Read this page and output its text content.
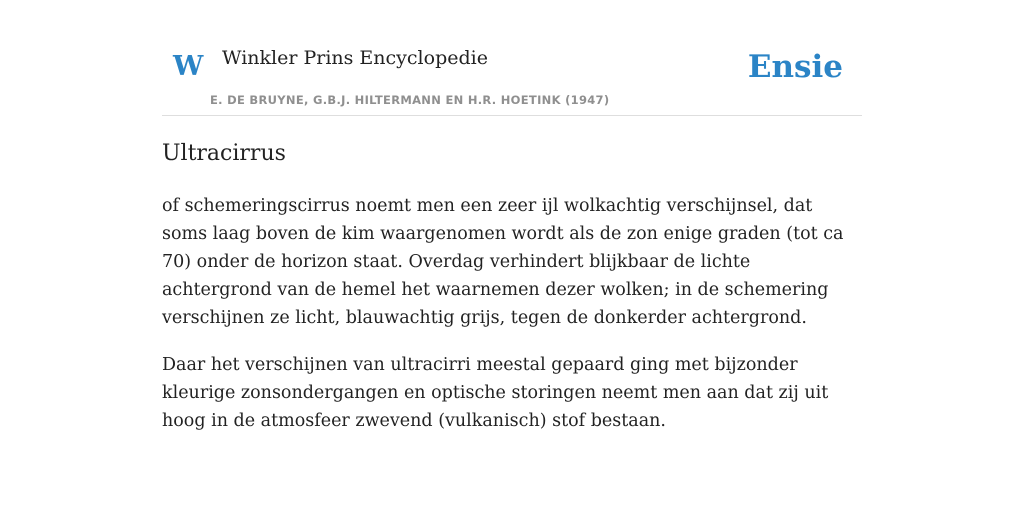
W Winkler Prins Encyclopedie
E. DE BRUYNE, G.B.J. HILTERMANN EN H.R. HOETINK (1947)
Ensie
Ultracirrus

of schemeringscirrus noemt men een zeer ijl wolkachtig verschijnsel, dat soms laag boven de kim waargenomen wordt als de zon enige graden (tot ca 70) onder de horizon staat. Overdag verhindert blijkbaar de lichte achtergrond van de hemel het waarnemen dezer wolken; in de schemering verschijnen ze licht, blauwachtig grijs, tegen de donkerder achtergrond.

Daar het verschijnen van ultracirri meestal gepaard ging met bijzonder kleurige zonsondergangen en optische storingen neemt men aan dat zij uit hoog in de atmosfeer zwevend (vulkanisch) stof bestaan.
